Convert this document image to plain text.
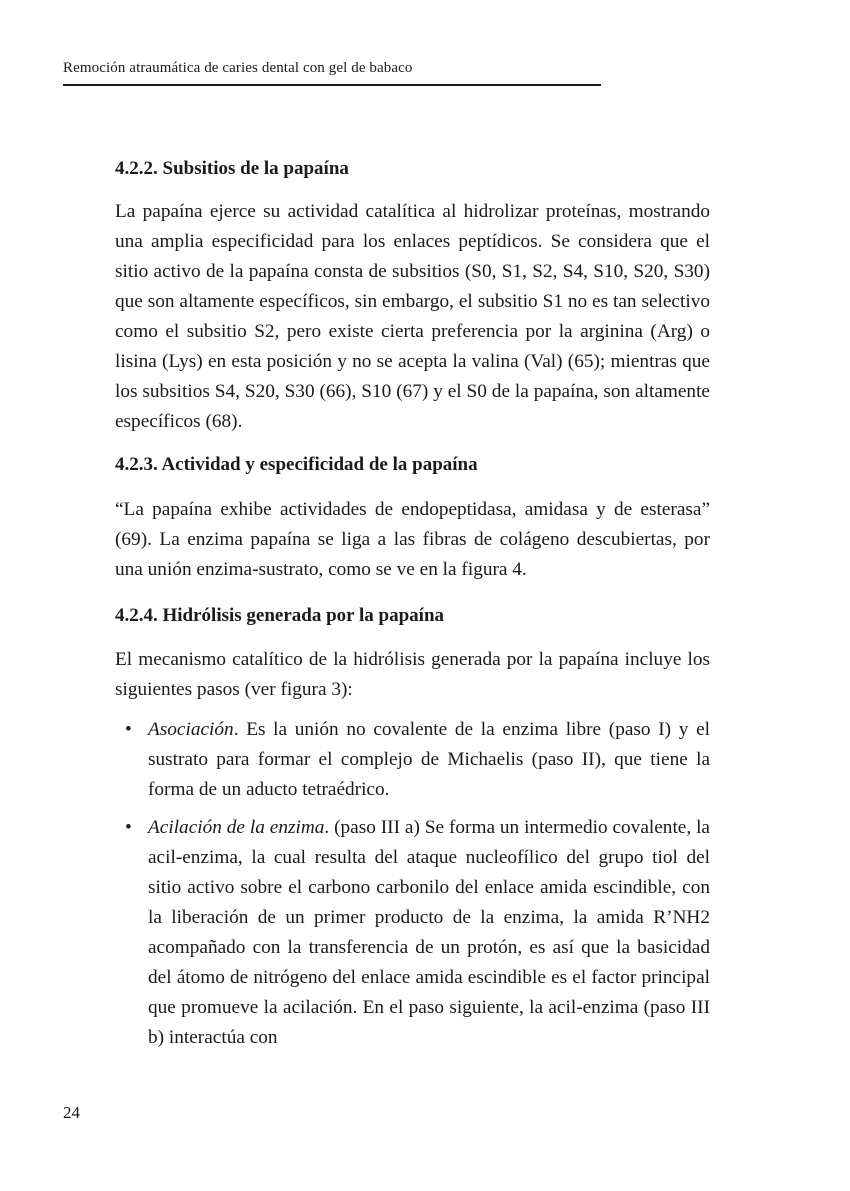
Remoción atraumática de caries dental con gel de babaco
4.2.2. Subsitios de la papaína

La papaína ejerce su actividad catalítica al hidrolizar proteínas, mostrando una amplia especificidad para los enlaces peptídicos. Se considera que el sitio activo de la papaína consta de subsitios (S0, S1, S2, S4, S10, S20, S30) que son altamente específicos, sin embargo, el subsitio S1 no es tan selectivo como el subsitio S2, pero existe cierta preferencia por la arginina (Arg) o lisina (Lys) en esta posición y no se acepta la valina (Val) (65); mientras que los subsitios S4, S20, S30 (66), S10 (67) y el S0 de la papaína, son altamente específicos (68).

4.2.3. Actividad y especificidad de la papaína

“La papaína exhibe actividades de endopeptidasa, amidasa y de esterasa” (69). La enzima papaína se liga a las fibras de colágeno descubiertas, por una unión enzima-sustrato, como se ve en la figura 4.

4.2.4. Hidrólisis generada por la papaína

El mecanismo catalítico de la hidrólisis generada por la papaína incluye los siguientes pasos (ver figura 3):

• Asociación. Es la unión no covalente de la enzima libre (paso I) y el sustrato para formar el complejo de Michaelis (paso II), que tiene la forma de un aducto tetraédrico.

• Acilación de la enzima. (paso III a) Se forma un intermedio covalente, la acil-enzima, la cual resulta del ataque nucleofílico del grupo tiol del sitio activo sobre el carbono carbonilo del enlace amida escindible, con la liberación de un primer producto de la enzima, la amida R’NH2 acompañado con la transferencia de un protón, es así que la basicidad del átomo de nitrógeno del enlace amida escindible es el factor principal que promueve la acilación. En el paso siguiente, la acil-enzima (paso III b) interactúa con

24
